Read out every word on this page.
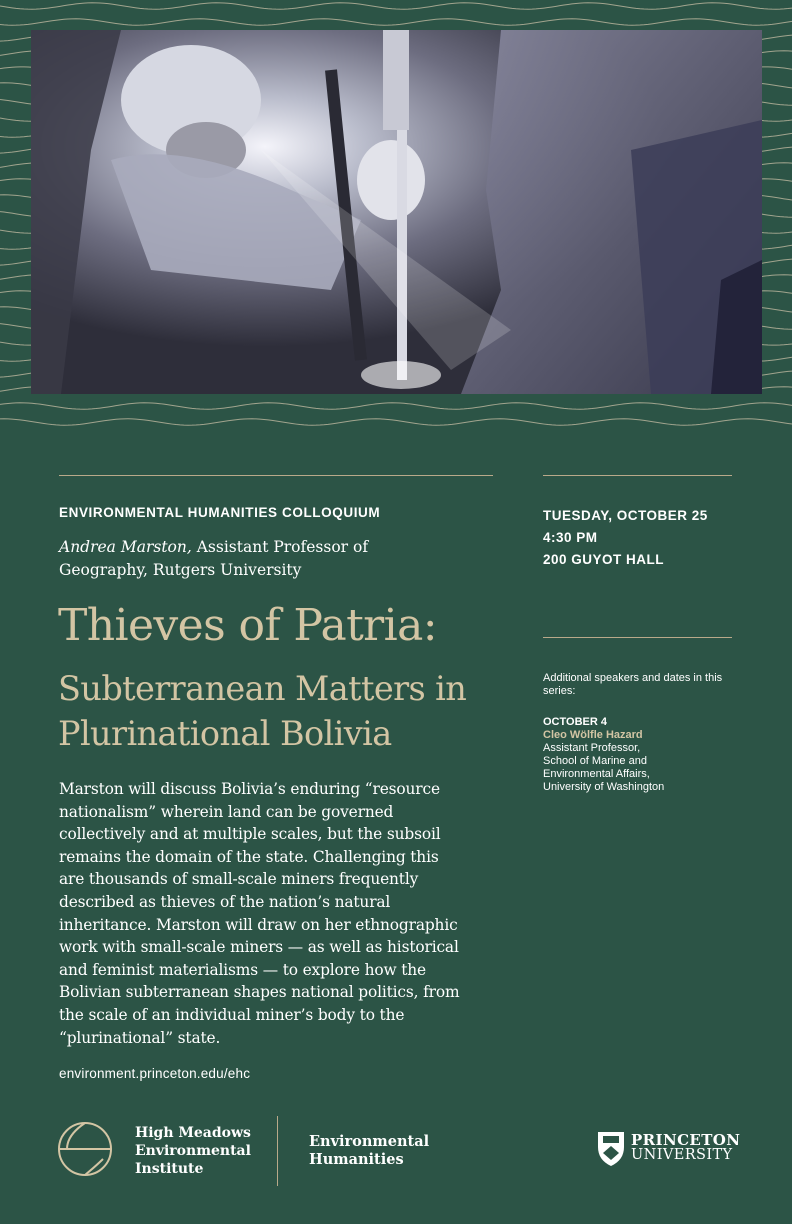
ENVIRONMENTAL HUMANITIES COLLOQUIUM
Andrea Marston, Assistant Professor of Geography, Rutgers University
Thieves of Patria:
Subterranean Matters in Plurinational Bolivia
Marston will discuss Bolivia’s enduring “resource nationalism” wherein land can be governed collectively and at multiple scales, but the subsoil remains the domain of the state. Challenging this are thousands of small-scale miners frequently described as thieves of the nation’s natural inheritance. Marston will draw on her ethnographic work with small-scale miners — as well as historical and feminist materialisms — to explore how the Bolivian subterranean shapes national politics, from the scale of an individual miner’s body to the “plurinational” state.
environment.princeton.edu/ehc
TUESDAY, OCTOBER 25
4:30 PM
200 GUYOT HALL
Additional speakers and dates in this series:
OCTOBER 4
Cleo Wölfle Hazard
Assistant Professor,
School of Marine and
Environmental Affairs,
University of Washington
High Meadows
Environmental
Institute
Environmental
Humanities
PRINCETON
UNIVERSITY
